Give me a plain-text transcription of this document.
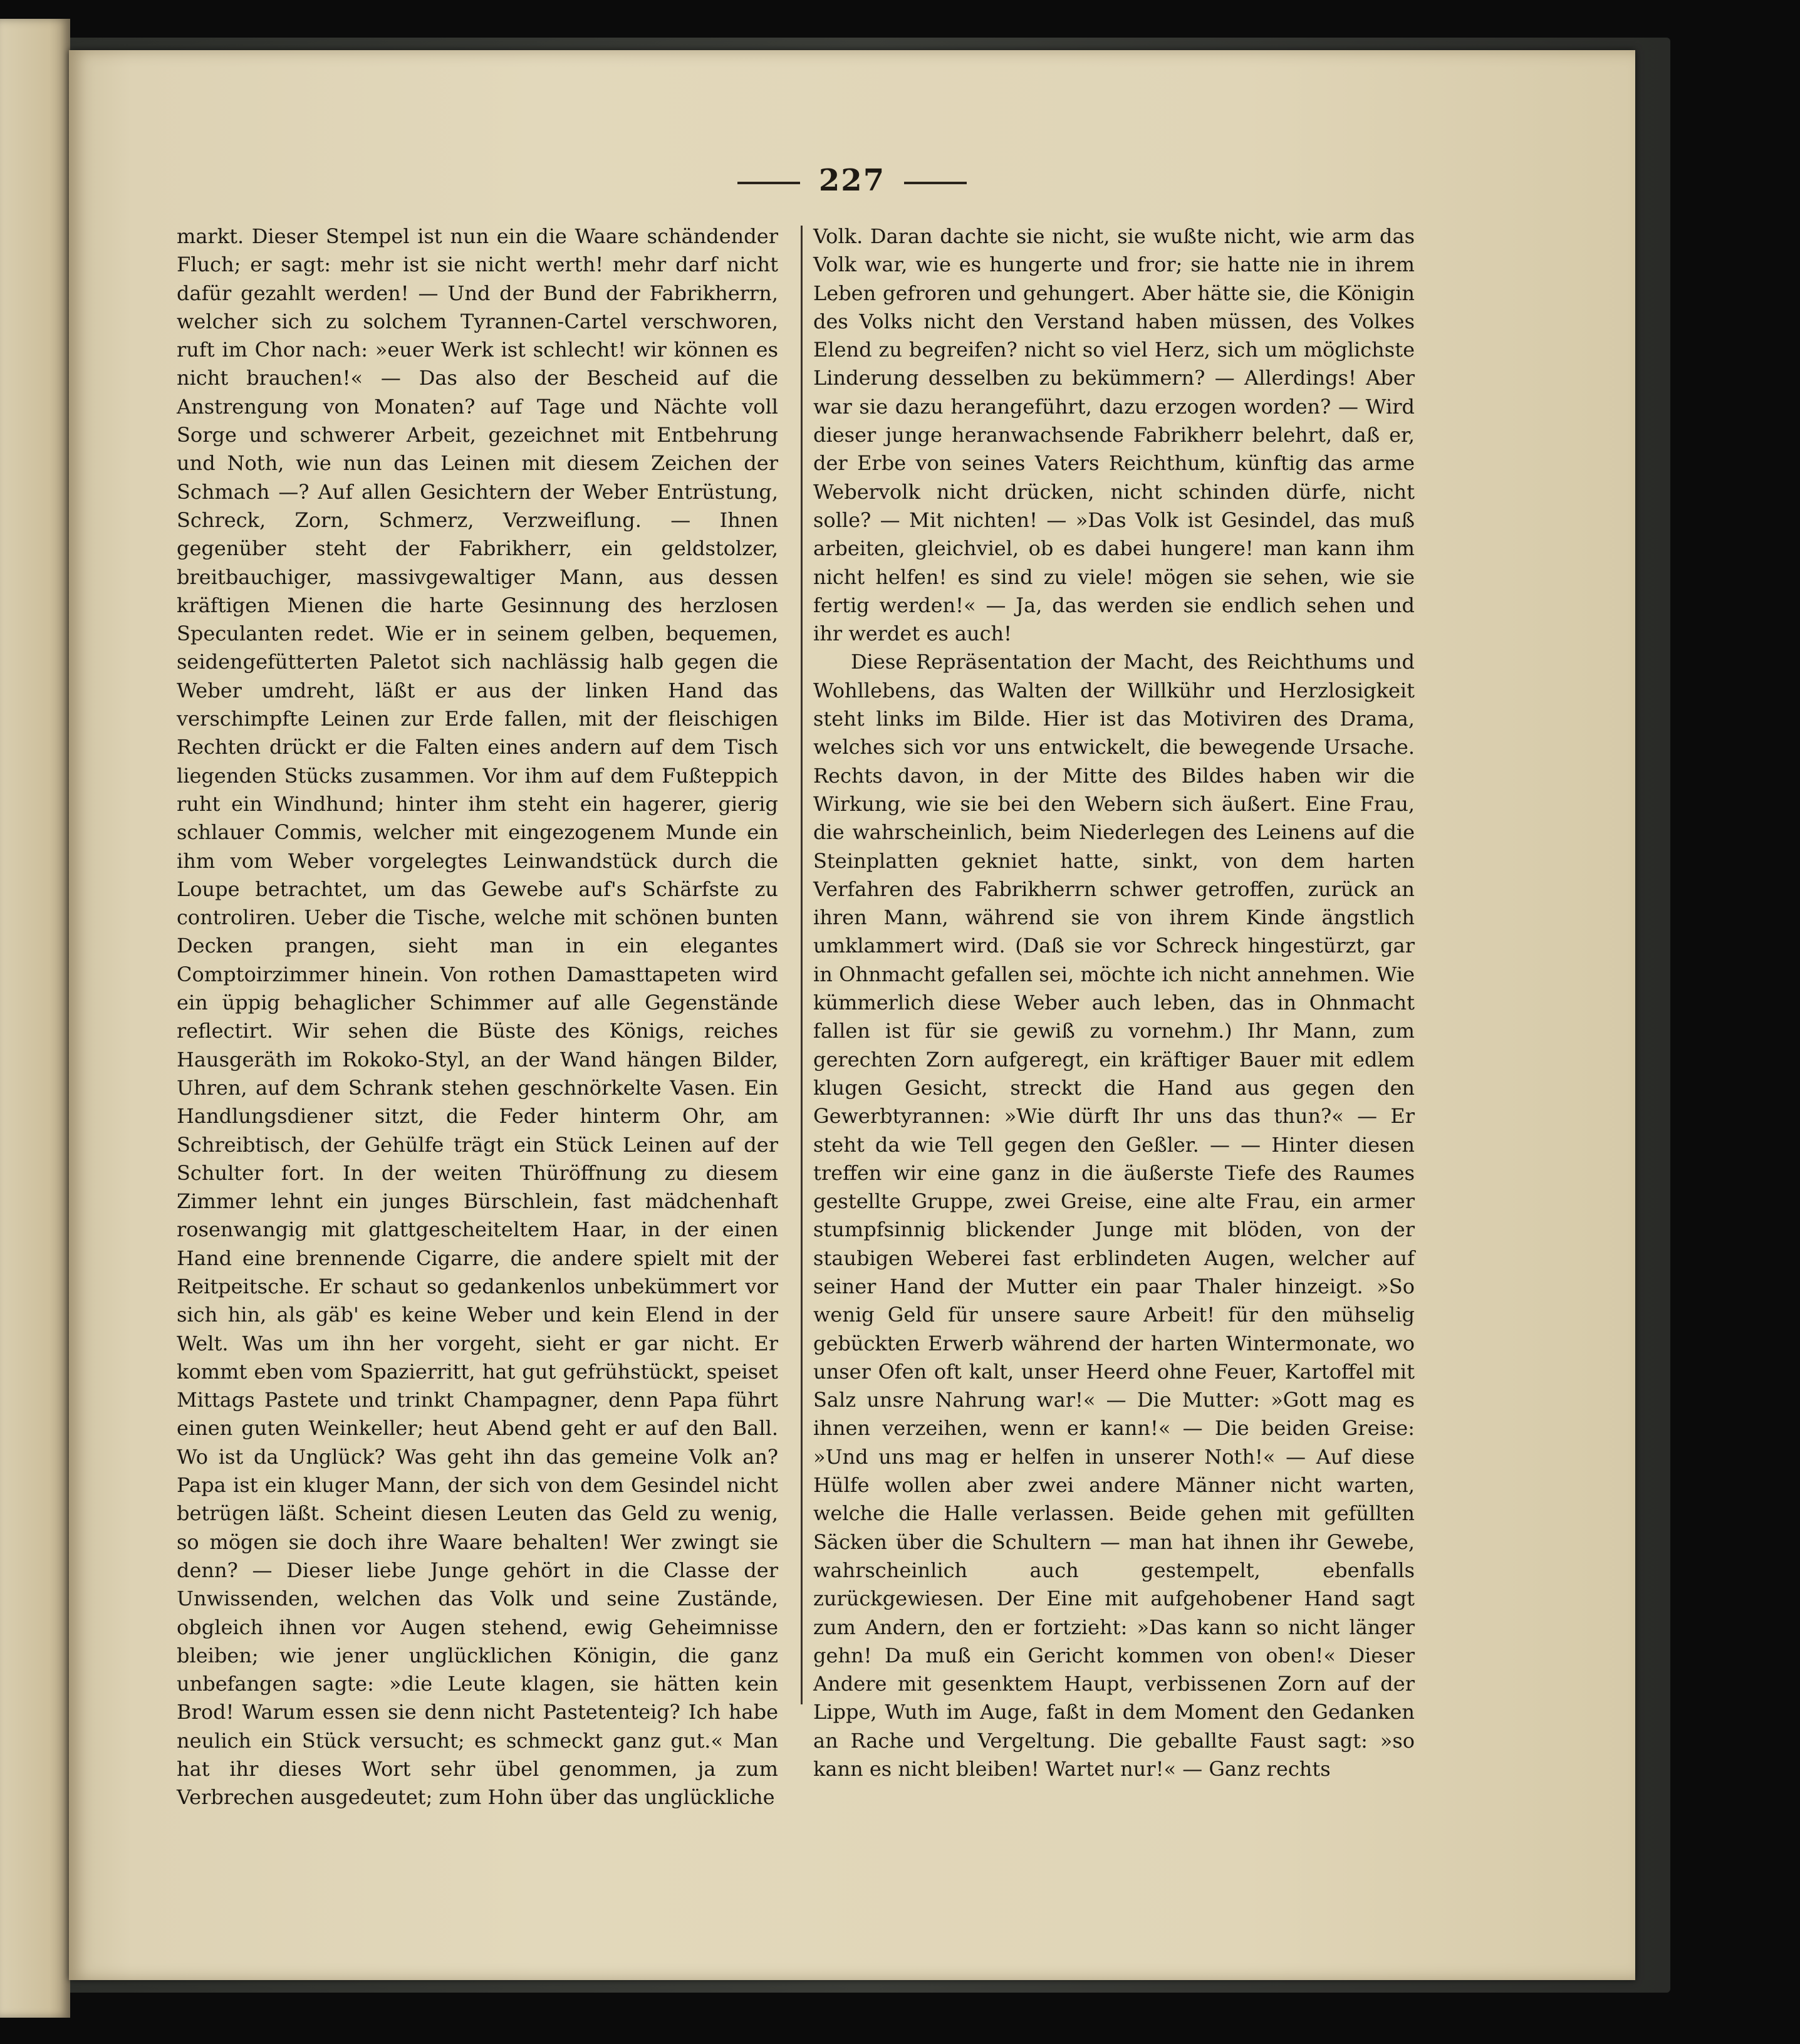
227

markt. Dieser Stempel ist nun ein die Waare schändender Fluch; er sagt: mehr ist sie nicht werth! mehr darf nicht dafür gezahlt werden! — Und der Bund der Fabrikherrn, welcher sich zu solchem Tyrannen-Cartel verschworen, ruft im Chor nach: »euer Werk ist schlecht! wir können es nicht brauchen!« — Das also der Bescheid auf die Anstrengung von Monaten? auf Tage und Nächte voll Sorge und schwerer Arbeit, gezeichnet mit Entbehrung und Noth, wie nun das Leinen mit diesem Zeichen der Schmach —? Auf allen Gesichtern der Weber Entrüstung, Schreck, Zorn, Schmerz, Verzweiflung. — Ihnen gegenüber steht der Fabrikherr, ein geldstolzer, breitbauchiger, massivgewaltiger Mann, aus dessen kräftigen Mienen die harte Gesinnung des herzlosen Speculanten redet. Wie er in seinem gelben, bequemen, seidengefütterten Paletot sich nachlässig halb gegen die Weber umdreht, läßt er aus der linken Hand das verschimpfte Leinen zur Erde fallen, mit der fleischigen Rechten drückt er die Falten eines andern auf dem Tisch liegenden Stücks zusammen. Vor ihm auf dem Fußteppich ruht ein Windhund; hinter ihm steht ein hagerer, gierig schlauer Commis, welcher mit eingezogenem Munde ein ihm vom Weber vorgelegtes Leinwandstück durch die Loupe betrachtet, um das Gewebe auf's Schärfste zu controliren. Ueber die Tische, welche mit schönen bunten Decken prangen, sieht man in ein elegantes Comptoirzimmer hinein. Von rothen Damasttapeten wird ein üppig behaglicher Schimmer auf alle Gegenstände reflectirt. Wir sehen die Büste des Königs, reiches Hausgeräth im Rokoko-Styl, an der Wand hängen Bilder, Uhren, auf dem Schrank stehen geschnörkelte Vasen. Ein Handlungsdiener sitzt, die Feder hinterm Ohr, am Schreibtisch, der Gehülfe trägt ein Stück Leinen auf der Schulter fort. In der weiten Thüröffnung zu diesem Zimmer lehnt ein junges Bürschlein, fast mädchenhaft rosenwangig mit glattgescheiteltem Haar, in der einen Hand eine brennende Cigarre, die andere spielt mit der Reitpeitsche. Er schaut so gedankenlos unbekümmert vor sich hin, als gäb' es keine Weber und kein Elend in der Welt. Was um ihn her vorgeht, sieht er gar nicht. Er kommt eben vom Spazierritt, hat gut gefrühstückt, speiset Mittags Pastete und trinkt Champagner, denn Papa führt einen guten Weinkeller; heut Abend geht er auf den Ball. Wo ist da Unglück? Was geht ihn das gemeine Volk an? Papa ist ein kluger Mann, der sich von dem Gesindel nicht betrügen läßt. Scheint diesen Leuten das Geld zu wenig, so mögen sie doch ihre Waare behalten! Wer zwingt sie denn? — Dieser liebe Junge gehört in die Classe der Unwissenden, welchen das Volk und seine Zustände, obgleich ihnen vor Augen stehend, ewig Geheimnisse bleiben; wie jener unglücklichen Königin, die ganz unbefangen sagte: »die Leute klagen, sie hätten kein Brod! Warum essen sie denn nicht Pastetenteig? Ich habe neulich ein Stück versucht; es schmeckt ganz gut.« Man hat ihr dieses Wort sehr übel genommen, ja zum Verbrechen ausgedeutet; zum Hohn über das unglückliche

Volk. Daran dachte sie nicht, sie wußte nicht, wie arm das Volk war, wie es hungerte und fror; sie hatte nie in ihrem Leben gefroren und gehungert. Aber hätte sie, die Königin des Volks nicht den Verstand haben müssen, des Volkes Elend zu begreifen? nicht so viel Herz, sich um möglichste Linderung desselben zu bekümmern? — Allerdings! Aber war sie dazu herangeführt, dazu erzogen worden? — Wird dieser junge heranwachsende Fabrikherr belehrt, daß er, der Erbe von seines Vaters Reichthum, künftig das arme Webervolk nicht drücken, nicht schinden dürfe, nicht solle? — Mit nichten! — »Das Volk ist Gesindel, das muß arbeiten, gleichviel, ob es dabei hungere! man kann ihm nicht helfen! es sind zu viele! mögen sie sehen, wie sie fertig werden!« — Ja, das werden sie endlich sehen und ihr werdet es auch!

Diese Repräsentation der Macht, des Reichthums und Wohllebens, das Walten der Willkühr und Herzlosigkeit steht links im Bilde. Hier ist das Motiviren des Drama, welches sich vor uns entwickelt, die bewegende Ursache. Rechts davon, in der Mitte des Bildes haben wir die Wirkung, wie sie bei den Webern sich äußert. Eine Frau, die wahrscheinlich, beim Niederlegen des Leinens auf die Steinplatten gekniet hatte, sinkt, von dem harten Verfahren des Fabrikherrn schwer getroffen, zurück an ihren Mann, während sie von ihrem Kinde ängstlich umklammert wird. (Daß sie vor Schreck hingestürzt, gar in Ohnmacht gefallen sei, möchte ich nicht annehmen. Wie kümmerlich diese Weber auch leben, das in Ohnmacht fallen ist für sie gewiß zu vornehm.) Ihr Mann, zum gerechten Zorn aufgeregt, ein kräftiger Bauer mit edlem klugen Gesicht, streckt die Hand aus gegen den Gewerbtyrannen: »Wie dürft Ihr uns das thun?« — Er steht da wie Tell gegen den Geßler. — — Hinter diesen treffen wir eine ganz in die äußerste Tiefe des Raumes gestellte Gruppe, zwei Greise, eine alte Frau, ein armer stumpfsinnig blickender Junge mit blöden, von der staubigen Weberei fast erblindeten Augen, welcher auf seiner Hand der Mutter ein paar Thaler hinzeigt. »So wenig Geld für unsere saure Arbeit! für den mühselig gebückten Erwerb während der harten Wintermonate, wo unser Ofen oft kalt, unser Heerd ohne Feuer, Kartoffel mit Salz unsre Nahrung war!« — Die Mutter: »Gott mag es ihnen verzeihen, wenn er kann!« — Die beiden Greise: »Und uns mag er helfen in unserer Noth!« — Auf diese Hülfe wollen aber zwei andere Männer nicht warten, welche die Halle verlassen. Beide gehen mit gefüllten Säcken über die Schultern — man hat ihnen ihr Gewebe, wahrscheinlich auch gestempelt, ebenfalls zurückgewiesen. Der Eine mit aufgehobener Hand sagt zum Andern, den er fortzieht: »Das kann so nicht länger gehn! Da muß ein Gericht kommen von oben!« Dieser Andere mit gesenktem Haupt, verbissenen Zorn auf der Lippe, Wuth im Auge, faßt in dem Moment den Gedanken an Rache und Vergeltung. Die geballte Faust sagt: »so kann es nicht bleiben! Wartet nur!« — Ganz rechts
